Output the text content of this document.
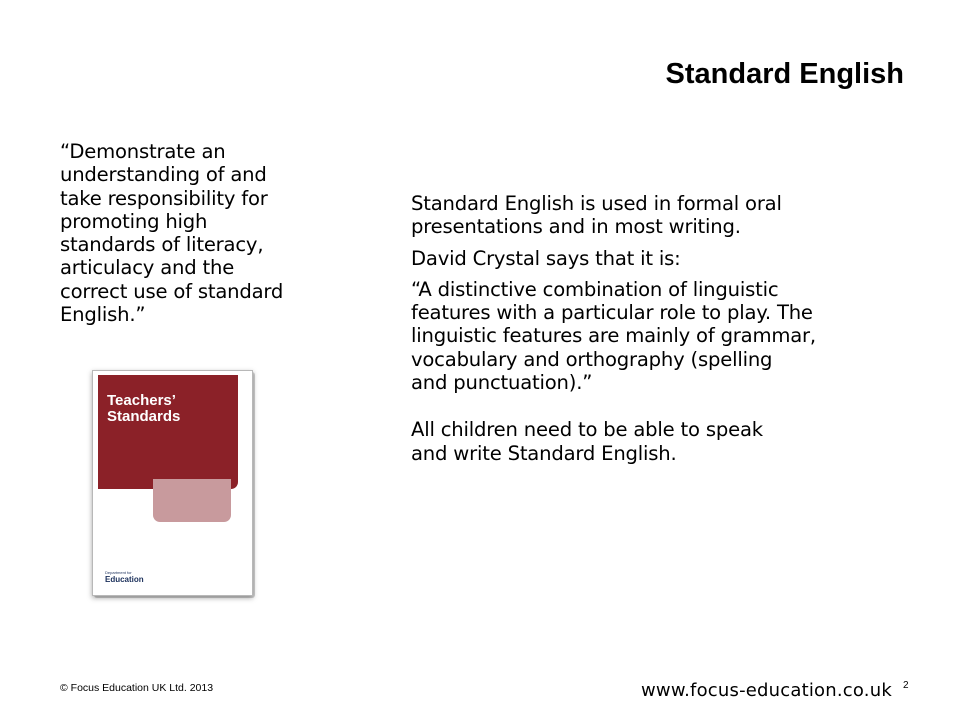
Standard English
“Demonstrate an
understanding of and
take responsibility for
promoting high
standards of literacy,
articulacy and the
correct use of standard
English.”
Teachers’
Standards
Department for
Education
Standard English is used in formal oral
presentations and in most writing.
David Crystal says that it is:
“A distinctive combination of linguistic
features with a particular role to play. The
linguistic features are mainly of grammar,
vocabulary and orthography (spelling
and punctuation).”
All children need to be able to speak
and write Standard English.
© Focus Education UK Ltd. 2013	www.focus-education.co.uk 2
